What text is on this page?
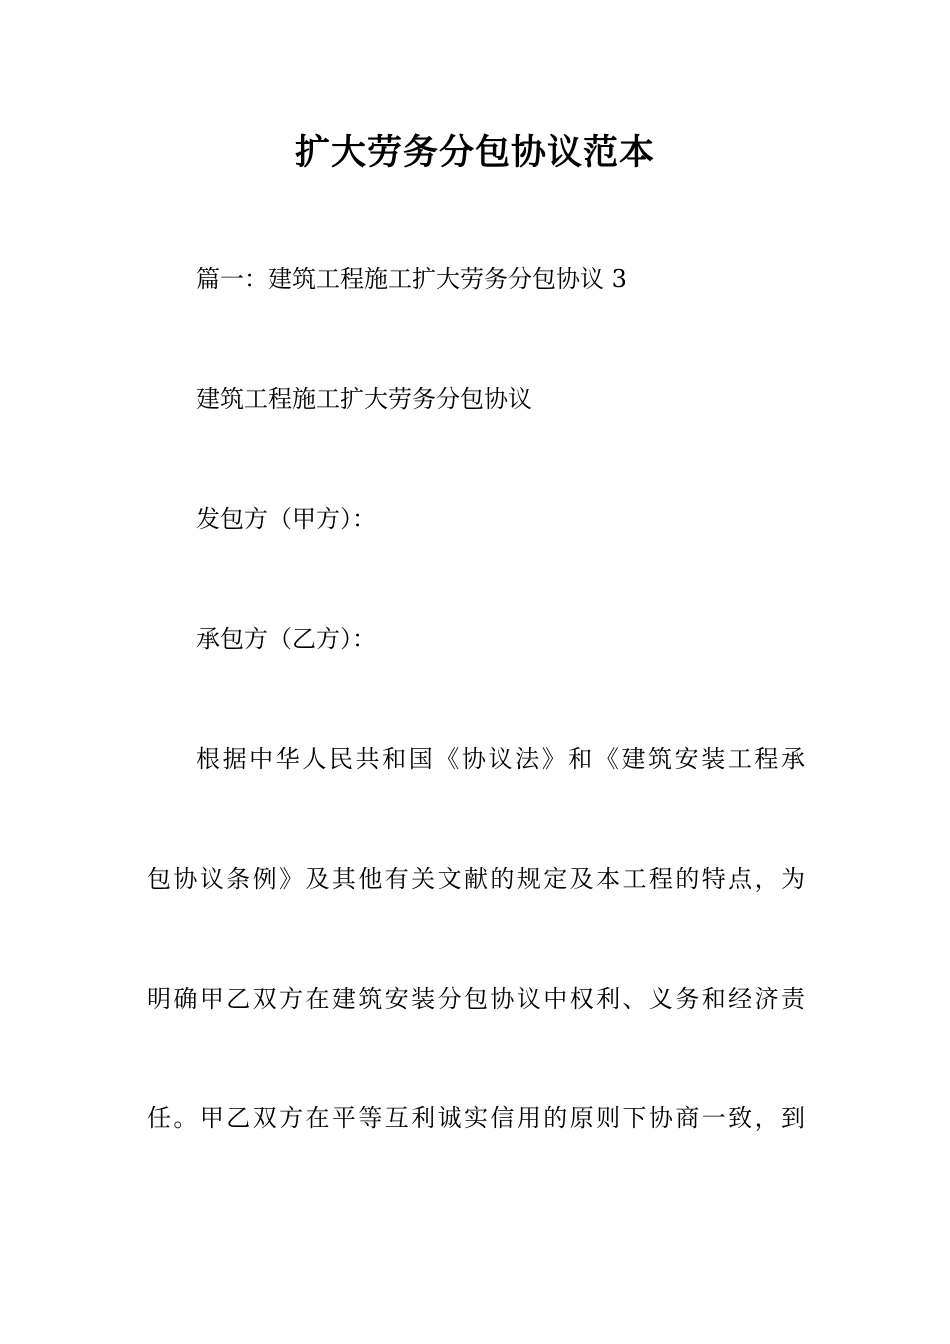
扩大劳务分包协议范本
篇一：建筑工程施工扩大劳务分包协议 3
建筑工程施工扩大劳务分包协议
发包方（甲方）：
承包方（乙方）：
根据中华人民共和国《协议法》和《建筑安装工程承
包协议条例》及其他有关文献的规定及本工程的特点，为
明确甲乙双方在建筑安装分包协议中权利、义务和经济责
任。甲乙双方在平等互利诚实信用的原则下协商一致，到
